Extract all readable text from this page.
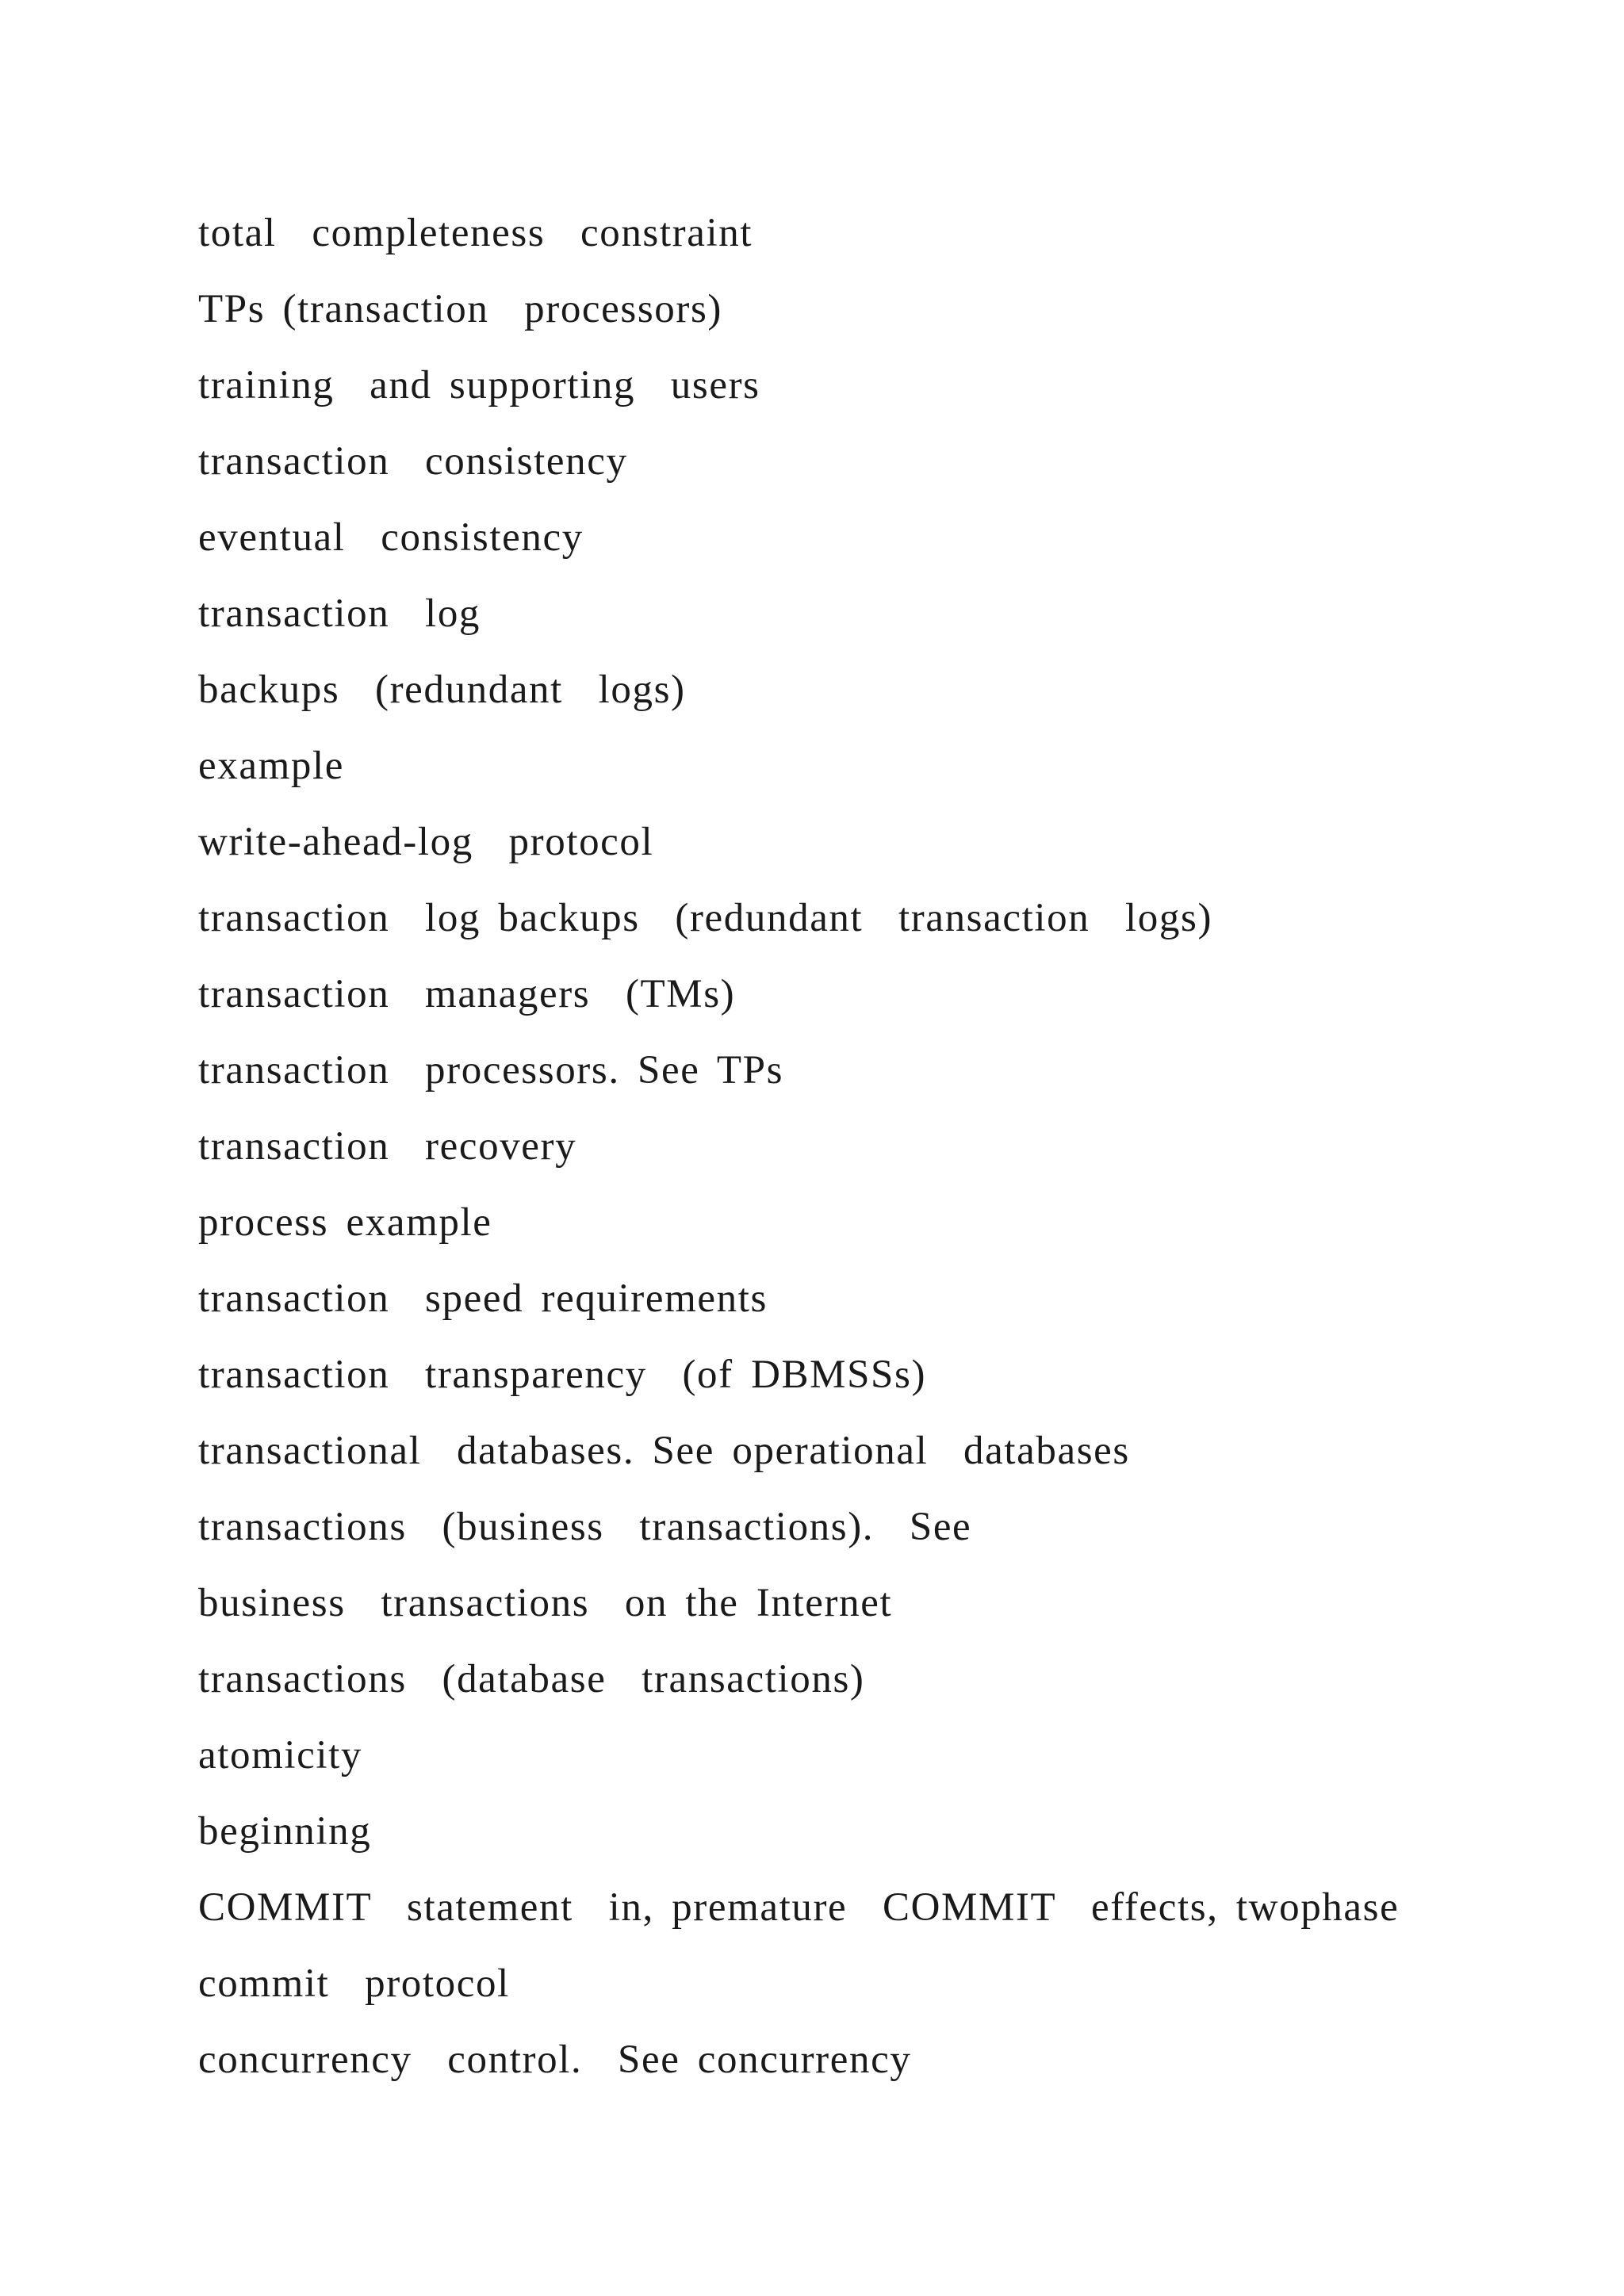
total  completeness  constraint
TPs (transaction  processors)
training  and supporting  users
transaction  consistency
eventual  consistency
transaction  log
backups  (redundant  logs)
example
write-ahead-log  protocol
transaction  log backups  (redundant  transaction  logs)
transaction  managers  (TMs)
transaction  processors. See TPs
transaction  recovery
process example
transaction  speed requirements
transaction  transparency  (of DBMSSs)
transactional  databases. See operational  databases
transactions  (business  transactions).  See
business  transactions  on the Internet
transactions  (database  transactions)
atomicity
beginning
COMMIT  statement  in, premature  COMMIT  effects, twophase
commit  protocol
concurrency  control.  See concurrency
